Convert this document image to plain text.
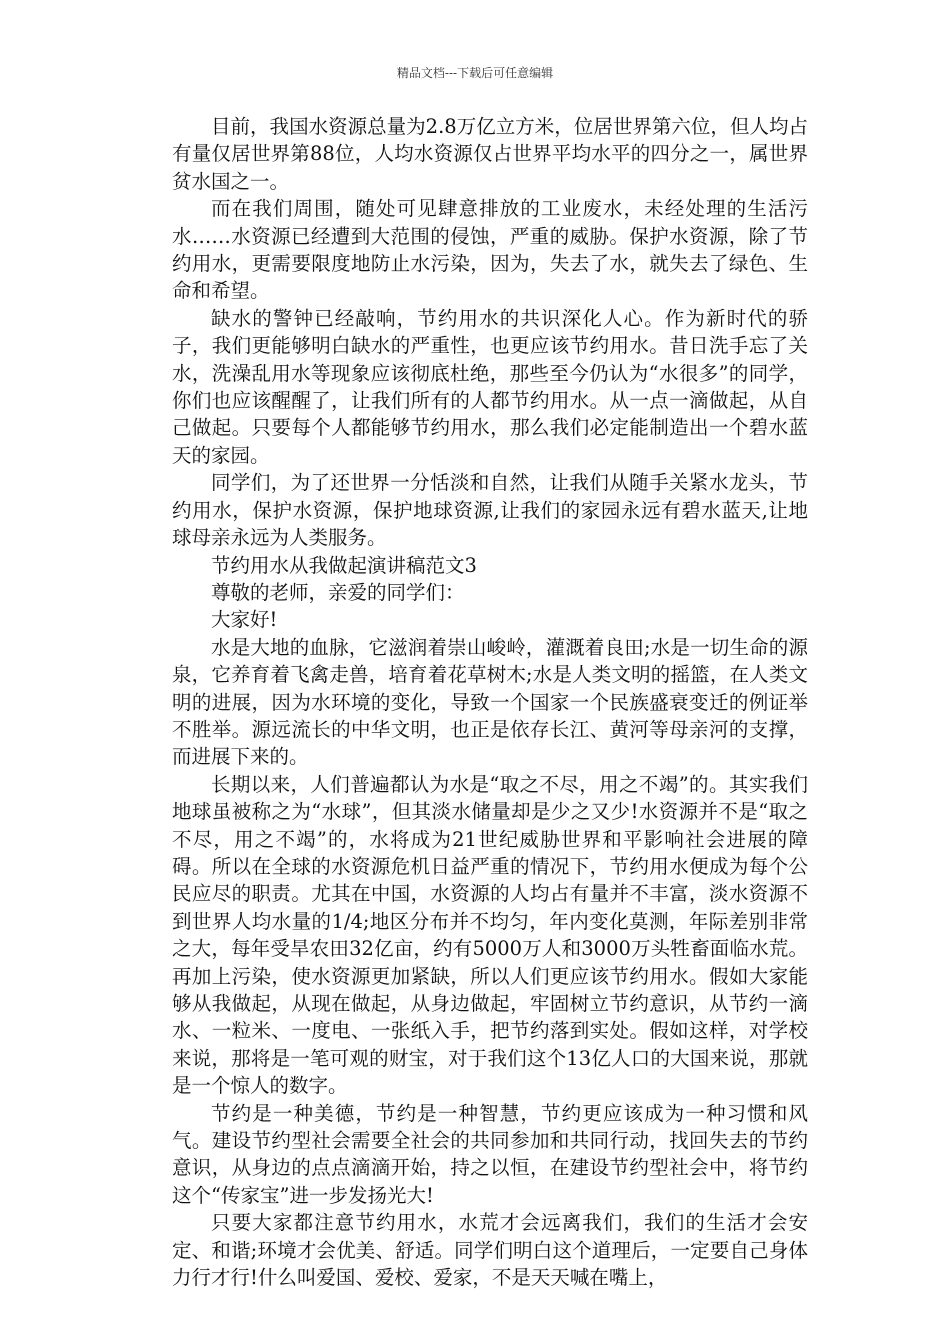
精品文档---下载后可任意编辑

目前，我国水资源总量为2.8万亿立方米，位居世界第六位，但人均占有量仅居世界第88位，人均水资源仅占世界平均水平的四分之一，属世界贫水国之一。

而在我们周围，随处可见肆意排放的工业废水，未经处理的生活污水……水资源已经遭到大范围的侵蚀，严重的威胁。保护水资源，除了节约用水，更需要限度地防止水污染，因为，失去了水，就失去了绿色、生命和希望。

缺水的警钟已经敲响，节约用水的共识深化人心。作为新时代的骄子，我们更能够明白缺水的严重性，也更应该节约用水。昔日洗手忘了关水，洗澡乱用水等现象应该彻底杜绝，那些至今仍认为“水很多”的同学，你们也应该醒醒了，让我们所有的人都节约用水。从一点一滴做起，从自己做起。只要每个人都能够节约用水，那么我们必定能制造出一个碧水蓝天的家园。

同学们，为了还世界一分恬淡和自然，让我们从随手关紧水龙头，节约用水，保护水资源，保护地球资源,让我们的家园永远有碧水蓝天,让地球母亲永远为人类服务。

节约用水从我做起演讲稿范文3

尊敬的老师，亲爱的同学们：

大家好!

水是大地的血脉，它滋润着崇山峻岭，灌溉着良田;水是一切生命的源泉，它养育着飞禽走兽，培育着花草树木;水是人类文明的摇篮，在人类文明的进展，因为水环境的变化，导致一个国家一个民族盛衰变迁的例证举不胜举。源远流长的中华文明，也正是依存长江、黄河等母亲河的支撑，而进展下来的。

长期以来，人们普遍都认为水是“取之不尽，用之不竭”的。其实我们地球虽被称之为“水球”，但其淡水储量却是少之又少!水资源并不是“取之不尽，用之不竭”的，水将成为21世纪威胁世界和平影响社会进展的障碍。所以在全球的水资源危机日益严重的情况下，节约用水便成为每个公民应尽的职责。尤其在中国，水资源的人均占有量并不丰富，淡水资源不到世界人均水量的1/4;地区分布并不均匀，年内变化莫测，年际差别非常之大，每年受旱农田32亿亩，约有5000万人和3000万头牲畜面临水荒。再加上污染，使水资源更加紧缺，所以人们更应该节约用水。假如大家能够从我做起，从现在做起，从身边做起，牢固树立节约意识，从节约一滴水、一粒米、一度电、一张纸入手，把节约落到实处。假如这样，对学校来说，那将是一笔可观的财宝，对于我们这个13亿人口的大国来说，那就是一个惊人的数字。

节约是一种美德，节约是一种智慧，节约更应该成为一种习惯和风气。建设节约型社会需要全社会的共同参加和共同行动，找回失去的节约意识，从身边的点点滴滴开始，持之以恒，在建设节约型社会中，将节约这个“传家宝”进一步发扬光大!

只要大家都注意节约用水，水荒才会远离我们，我们的生活才会安定、和谐;环境才会优美、舒适。同学们明白这个道理后，一定要自己身体力行才行!什么叫爱国、爱校、爱家，不是天天喊在嘴上，
